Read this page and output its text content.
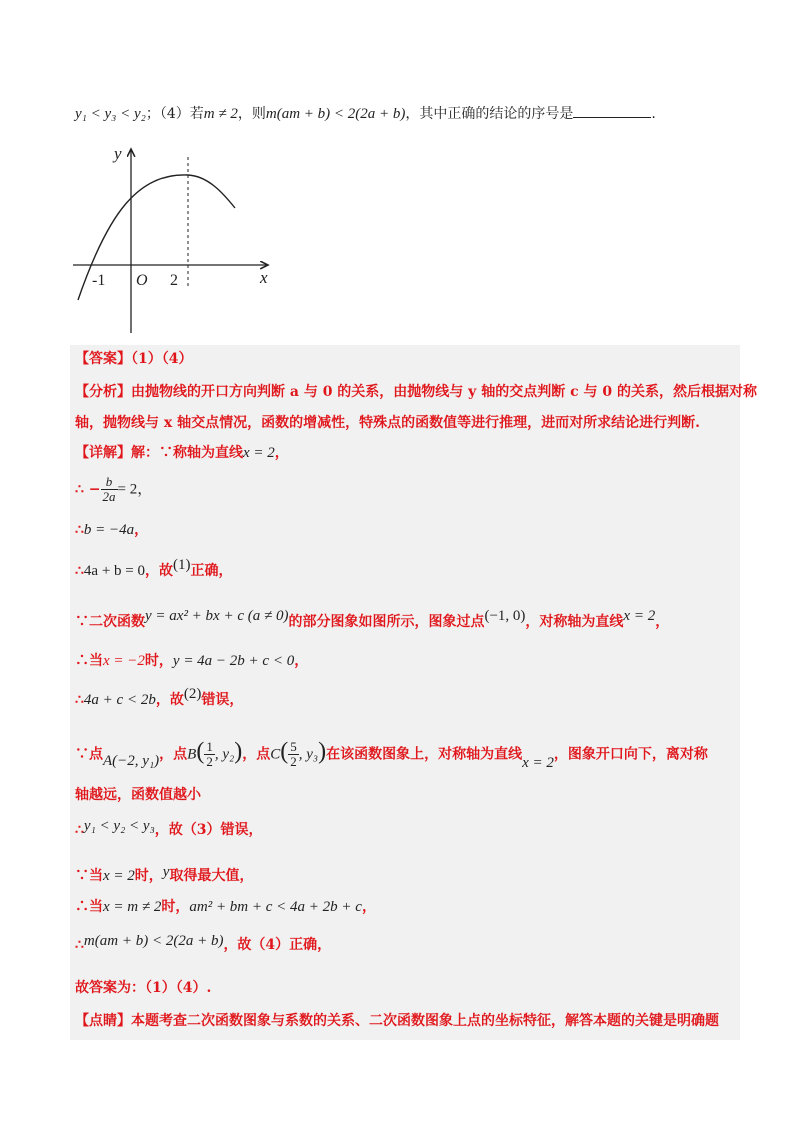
y₁ < y₃ < y₂；（4）若m ≠ 2，则m(am + b) < 2(2a + b)，其中正确的结论的序号是	.
y
x
O
-1	2
【答案】（1）（4）
【分析】由抛物线的开口方向判断 a 与 0 的关系，由抛物线与 y 轴的交点判断 c 与 0 的关系，然后根据对称
轴，抛物线与 x 轴交点情况，函数的增减性，特殊点的函数值等进行推理，进而对所求结论进行判断.
【详解】解：∵称轴为直线x = 2，
∴ − $\frac{b}{2a} = 2$，
∴b = −4a，
∴4a + b = 0，故(1)正确，
∵二次函数y = ax² + bx + c (a ≠ 0)的部分图象如图所示，图象过点(−1, 0)，对称轴为直线x = 2，
∴当x = −2时，y = 4a − 2b + c < 0，
∴4a + c < 2b，故(2)错误，
∵点A(−2, y₁)，点$B( \frac{1}{2}$ , y₂)，点$C( \frac{5}{2}$ , y₃)在该函数图象上，对称轴为直线x = 2，图象开口向下，离对称
轴越远，函数值越小
∴y₁ < y₂ < y₃，故（3）错误，
∵当x = 2时，y取得最大值，
∴当x = m ≠ 2时，am² + bm + c < 4a + 2b + c，
∴m(am + b) < 2(2a + b)，故（4）正确，
故答案为：（1）（4）.
【点睛】本题考查二次函数图象与系数的关系、二次函数图象上点的坐标特征，解答本题的关键是明确题
